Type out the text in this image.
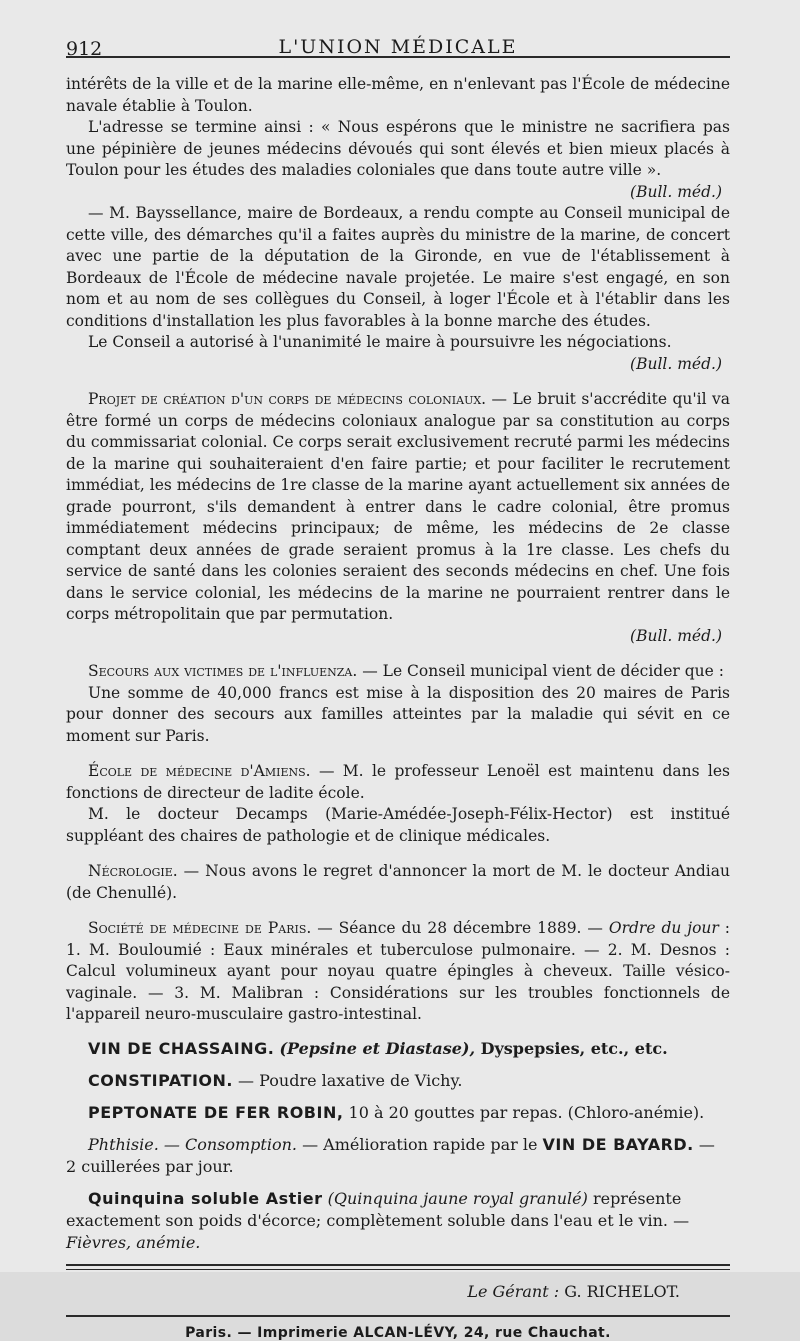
912	L'UNION MÉDICALE

intérêts de la ville et de la marine elle-même, en n'enlevant pas l'École de médecine navale établie à Toulon.

L'adresse se termine ainsi : « Nous espérons que le ministre ne sacrifiera pas une pépinière de jeunes médecins dévoués qui sont élevés et bien mieux placés à Toulon pour les études des maladies coloniales que dans toute autre ville ».

(Bull. méd.)

— M. Bayssellance, maire de Bordeaux, a rendu compte au Conseil municipal de cette ville, des démarches qu'il a faites auprès du ministre de la marine, de concert avec une partie de la députation de la Gironde, en vue de l'établissement à Bordeaux de l'École de médecine navale projetée. Le maire s'est engagé, en son nom et au nom de ses collègues du Conseil, à loger l'École et à l'établir dans les conditions d'installation les plus favorables à la bonne marche des études.

Le Conseil a autorisé à l'unanimité le maire à poursuivre les négociations.

(Bull. méd.)

Projet de création d'un corps de médecins coloniaux. — Le bruit s'accrédite qu'il va être formé un corps de médecins coloniaux analogue par sa constitution au corps du commissariat colonial. Ce corps serait exclusivement recruté parmi les médecins de la marine qui souhaiteraient d'en faire partie; et pour faciliter le recrutement immédiat, les médecins de 1re classe de la marine ayant actuellement six années de grade pourront, s'ils demandent à entrer dans le cadre colonial, être promus immédiatement médecins principaux; de même, les médecins de 2e classe comptant deux années de grade seraient promus à la 1re classe. Les chefs du service de santé dans les colonies seraient des seconds médecins en chef. Une fois dans le service colonial, les médecins de la marine ne pourraient rentrer dans le corps métropolitain que par permutation.

(Bull. méd.)

Secours aux victimes de l'influenza. — Le Conseil municipal vient de décider que :

Une somme de 40,000 francs est mise à la disposition des 20 maires de Paris pour donner des secours aux familles atteintes par la maladie qui sévit en ce moment sur Paris.

École de médecine d'Amiens. — M. le professeur Lenoël est maintenu dans les fonctions de directeur de ladite école.

M. le docteur Decamps (Marie-Amédée-Joseph-Félix-Hector) est institué suppléant des chaires de pathologie et de clinique médicales.

Nécrologie. — Nous avons le regret d'annoncer la mort de M. le docteur Andiau (de Chenullé).

Société de médecine de Paris. — Séance du 28 décembre 1889. — Ordre du jour : 1. M. Bouloumié : Eaux minérales et tuberculose pulmonaire. — 2. M. Desnos : Calcul volumineux ayant pour noyau quatre épingles à cheveux. Taille vésico-vaginale. — 3. M. Malibran : Considérations sur les troubles fonctionnels de l'appareil neuro-musculaire gastro-intestinal.

VIN DE CHASSAING. (Pepsine et Diastase), Dyspepsies, etc., etc.

CONSTIPATION. — Poudre laxative de Vichy.

PEPTONATE DE FER ROBIN, 10 à 20 gouttes par repas. (Chloro-anémie).

Phthisie. — Consomption. — Amélioration rapide par le VIN DE BAYARD. — 2 cuillerées par jour.

Quinquina soluble Astier (Quinquina jaune royal granulé) représente exactement son poids d'écorce; complètement soluble dans l'eau et le vin. — Fièvres, anémie.

Le Gérant : G. RICHELOT.
Paris. — Imprimerie ALCAN-LÉVY, 24, rue Chauchat.
